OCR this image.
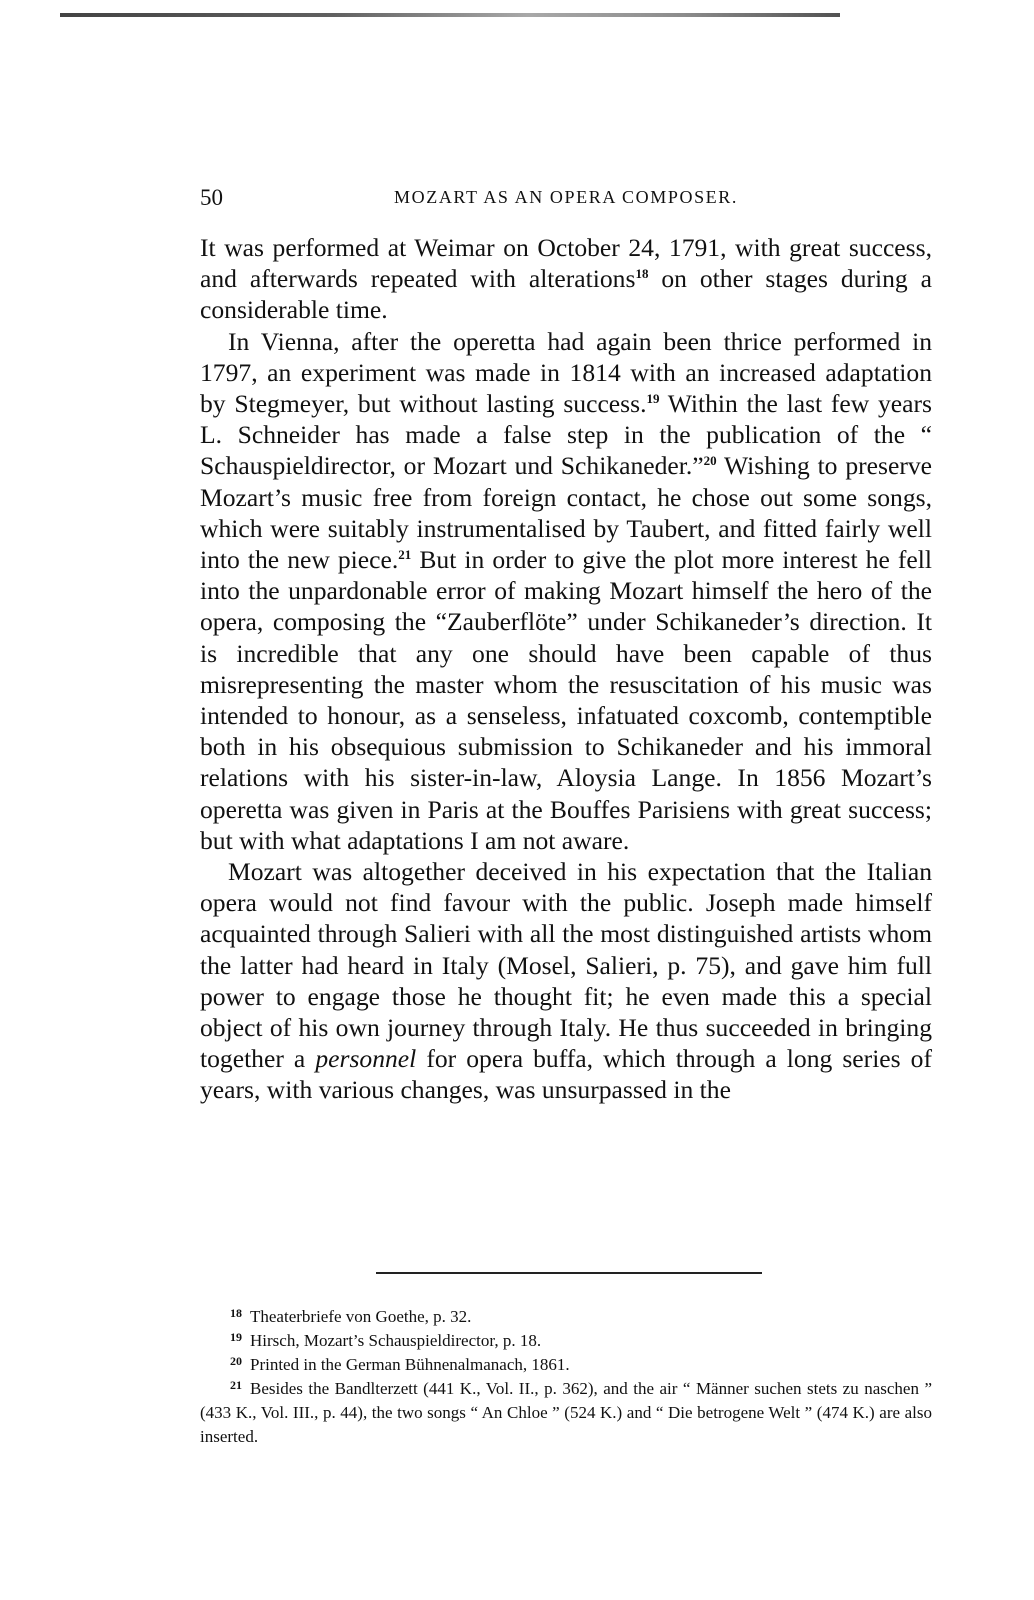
50	MOZART AS AN OPERA COMPOSER.

It was performed at Weimar on October 24, 1791, with great success, and afterwards repeated with alterations$^{18}$ on other stages during a considerable time.

In Vienna, after the operetta had again been thrice performed in 1797, an experiment was made in 1814 with an increased adaptation by Stegmeyer, but without lasting success.$^{19}$ Within the last few years L. Schneider has made a false step in the publication of the “ Schauspieldirector, or Mozart und Schikaneder.”$^{20}$ Wishing to preserve Mozart’s music free from foreign contact, he chose out some songs, which were suitably instrumentalised by Taubert, and fitted fairly well into the new piece.$^{21}$ But in order to give the plot more interest he fell into the unpardonable error of making Mozart himself the hero of the opera, composing the “Zauberflöte” under Schikaneder’s direction. It is incredible that any one should have been capable of thus misrepresenting the master whom the resuscitation of his music was intended to honour, as a senseless, infatuated coxcomb, contemptible both in his obsequious submission to Schikaneder and his immoral relations with his sister-in-law, Aloysia Lange. In 1856 Mozart’s operetta was given in Paris at the Bouffes Parisiens with great success; but with what adaptations I am not aware.

Mozart was altogether deceived in his expectation that the Italian opera would not find favour with the public. Joseph made himself acquainted through Salieri with all the most distinguished artists whom the latter had heard in Italy (Mosel, Salieri, p. 75), and gave him full power to engage those he thought fit; he even made this a special object of his own journey through Italy. He thus succeeded in bringing together a personnel for opera buffa, which through a long series of years, with various changes, was unsurpassed in the

$^{18}$ Theaterbriefe von Goethe, p. 32.

$^{19}$ Hirsch, Mozart’s Schauspieldirector, p. 18.

$^{20}$ Printed in the German Bühnenalmanach, 1861.

$^{21}$ Besides the Bandlterzett (441 K., Vol. II., p. 362), and the air “ Männer suchen stets zu naschen ” (433 K., Vol. III., p. 44), the two songs “ An Chloe ” (524 K.) and “ Die betrogene Welt ” (474 K.) are also inserted.
